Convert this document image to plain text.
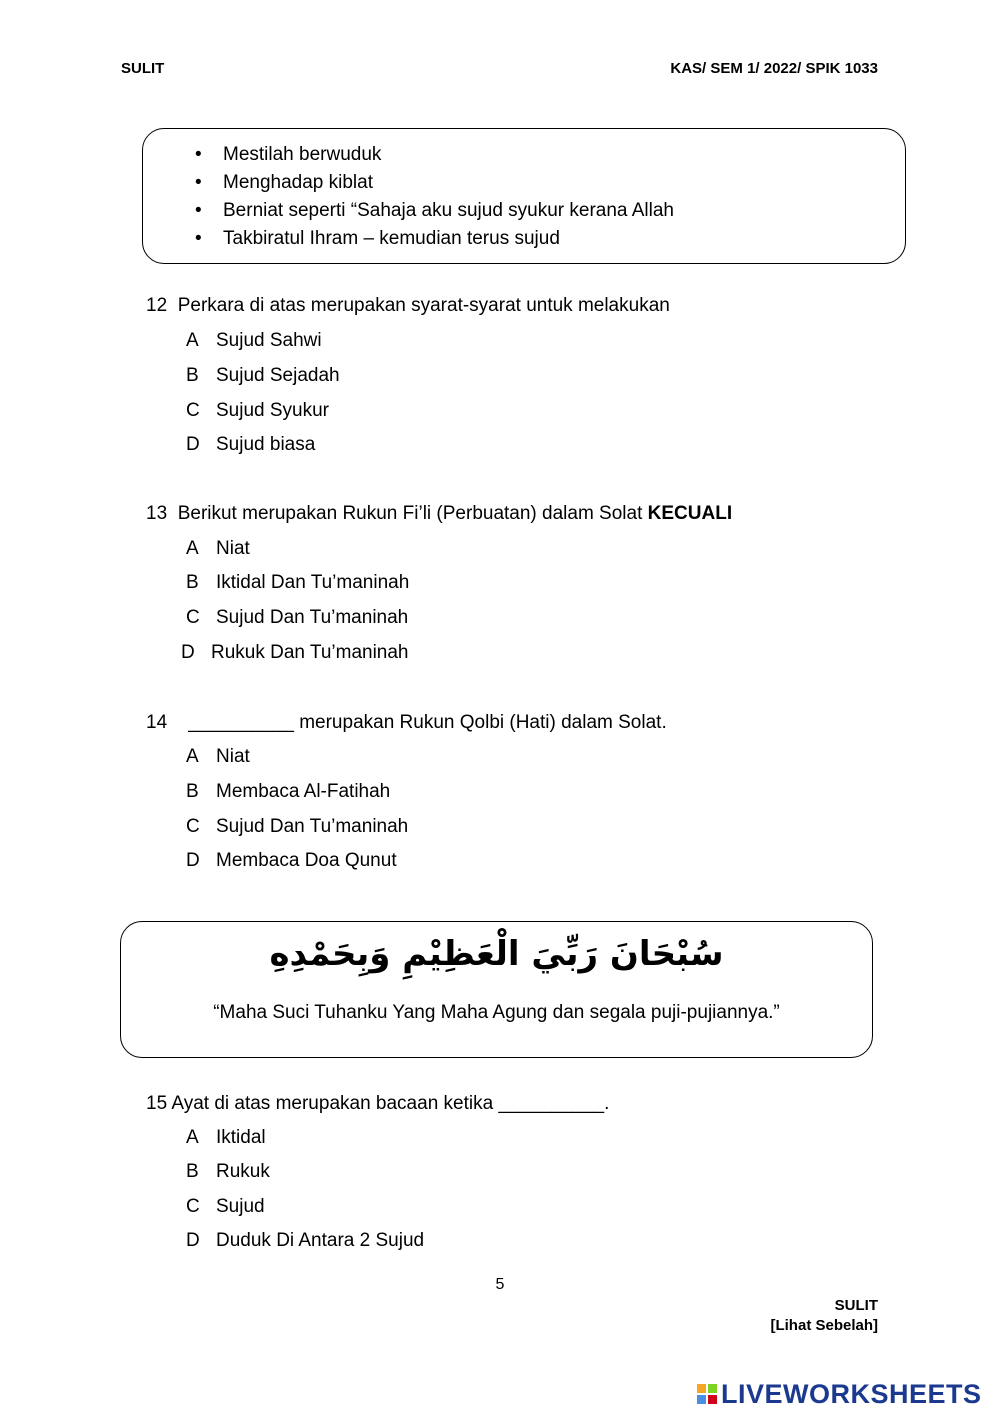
SULIT	KAS/ SEM 1/ 2022/ SPIK 1033
• Mestilah berwuduk
• Menghadap kiblat
• Berniat seperti “Sahaja aku sujud syukur kerana Allah
• Takbiratul Ihram – kemudian terus sujud
12 Perkara di atas merupakan syarat-syarat untuk melakukan
A Sujud Sahwi
B Sujud Sejadah
C Sujud Syukur
D Sujud biasa
13 Berikut merupakan Rukun Fi’li (Perbuatan) dalam Solat KECUALI
A Niat
B Iktidal Dan Tu’maninah
C Sujud Dan Tu’maninah
D Rukuk Dan Tu’maninah
14 __________ merupakan Rukun Qolbi (Hati) dalam Solat.
A Niat
B Membaca Al-Fatihah
C Sujud Dan Tu’maninah
D Membaca Doa Qunut
سُبْحَانَ رَبِّيَ الْعَظِيْمِ وَبِحَمْدِهِ
“Maha Suci Tuhanku Yang Maha Agung dan segala puji-pujiannya.”
15 Ayat di atas merupakan bacaan ketika __________.
A Iktidal
B Rukuk
C Sujud
D Duduk Di Antara 2 Sujud
5
SULIT
[Lihat Sebelah]
LIVEWORKSHEETS
